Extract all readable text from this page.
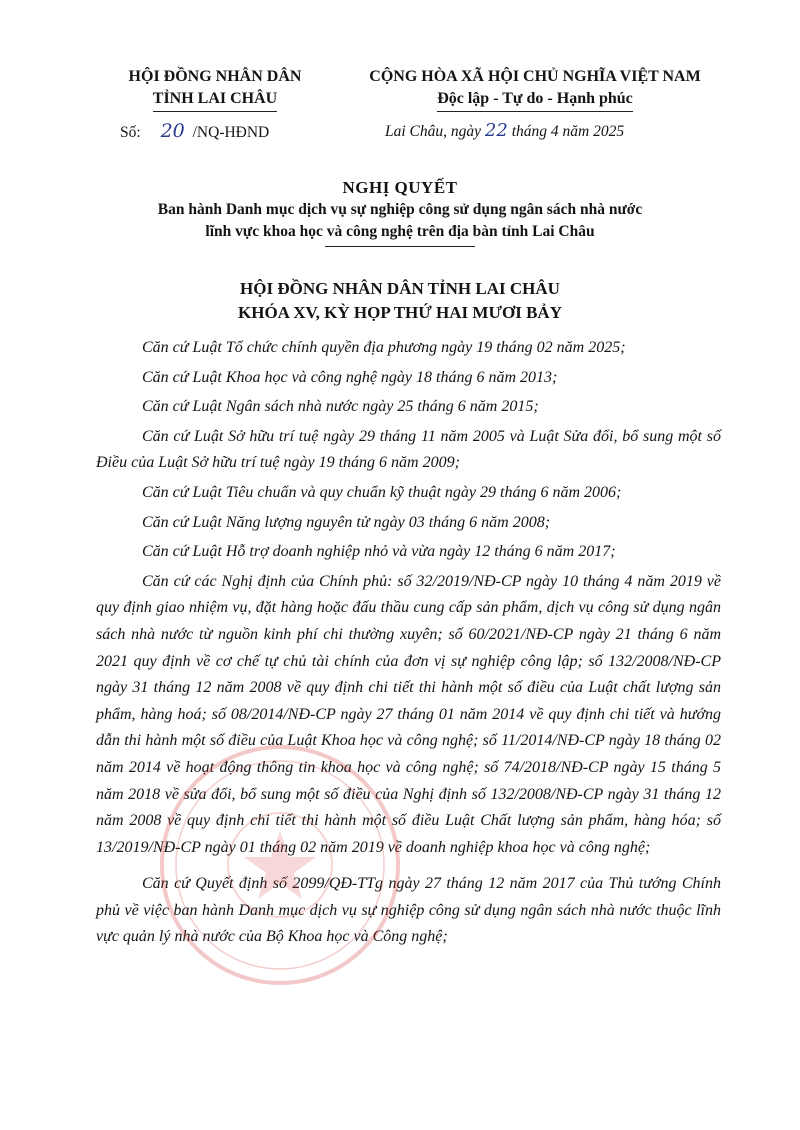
HỘI ĐỒNG NHÂN DÂN
TỈNH LAI CHÂU
CỘNG HÒA XÃ HỘI CHỦ NGHĨA VIỆT NAM
Độc lập - Tự do - Hạnh phúc
Số: 20 /NQ-HĐND	Lai Châu, ngày 22 tháng 4 năm 2025
NGHỊ QUYẾT
Ban hành Danh mục dịch vụ sự nghiệp công sử dụng ngân sách nhà nước
lĩnh vực khoa học và công nghệ trên địa bàn tỉnh Lai Châu
HỘI ĐỒNG NHÂN DÂN TỈNH LAI CHÂU
KHÓA XV, KỲ HỌP THỨ HAI MƯƠI BẢY

Căn cứ Luật Tổ chức chính quyền địa phương ngày 19 tháng 02 năm 2025;

Căn cứ Luật Khoa học và công nghệ ngày 18 tháng 6 năm 2013;

Căn cứ Luật Ngân sách nhà nước ngày 25 tháng 6 năm 2015;

Căn cứ Luật Sở hữu trí tuệ ngày 29 tháng 11 năm 2005 và Luật Sửa đổi, bổ sung một số Điều của Luật Sở hữu trí tuệ ngày 19 tháng 6 năm 2009;

Căn cứ Luật Tiêu chuẩn và quy chuẩn kỹ thuật ngày 29 tháng 6 năm 2006;

Căn cứ Luật Năng lượng nguyên tử ngày 03 tháng 6 năm 2008;

Căn cứ Luật Hỗ trợ doanh nghiệp nhỏ và vừa ngày 12 tháng 6 năm 2017;

Căn cứ các Nghị định của Chính phủ: số 32/2019/NĐ-CP ngày 10 tháng 4 năm 2019 về quy định giao nhiệm vụ, đặt hàng hoặc đấu thầu cung cấp sản phẩm, dịch vụ công sử dụng ngân sách nhà nước từ nguồn kinh phí chi thường xuyên; số 60/2021/NĐ-CP ngày 21 tháng 6 năm 2021 quy định về cơ chế tự chủ tài chính của đơn vị sự nghiệp công lập; số 132/2008/NĐ-CP ngày 31 tháng 12 năm 2008 về quy định chi tiết thi hành một số điều của Luật chất lượng sản phẩm, hàng hoá; số 08/2014/NĐ-CP ngày 27 tháng 01 năm 2014 về quy định chi tiết và hướng dẫn thi hành một số điều của Luật Khoa học và công nghệ; số 11/2014/NĐ-CP ngày 18 tháng 02 năm 2014 về hoạt động thông tin khoa học và công nghệ; số 74/2018/NĐ-CP ngày 15 tháng 5 năm 2018 về sửa đổi, bổ sung một số điều của Nghị định số 132/2008/NĐ-CP ngày 31 tháng 12 năm 2008 về quy định chi tiết thi hành một số điều Luật Chất lượng sản phẩm, hàng hóa; số 13/2019/NĐ-CP ngày 01 tháng 02 năm 2019 về doanh nghiệp khoa học và công nghệ;

Căn cứ Quyết định số 2099/QĐ-TTg ngày 27 tháng 12 năm 2017 của Thủ tướng Chính phủ về việc ban hành Danh mục dịch vụ sự nghiệp công sử dụng ngân sách nhà nước thuộc lĩnh vực quản lý nhà nước của Bộ Khoa học và Công nghệ;
